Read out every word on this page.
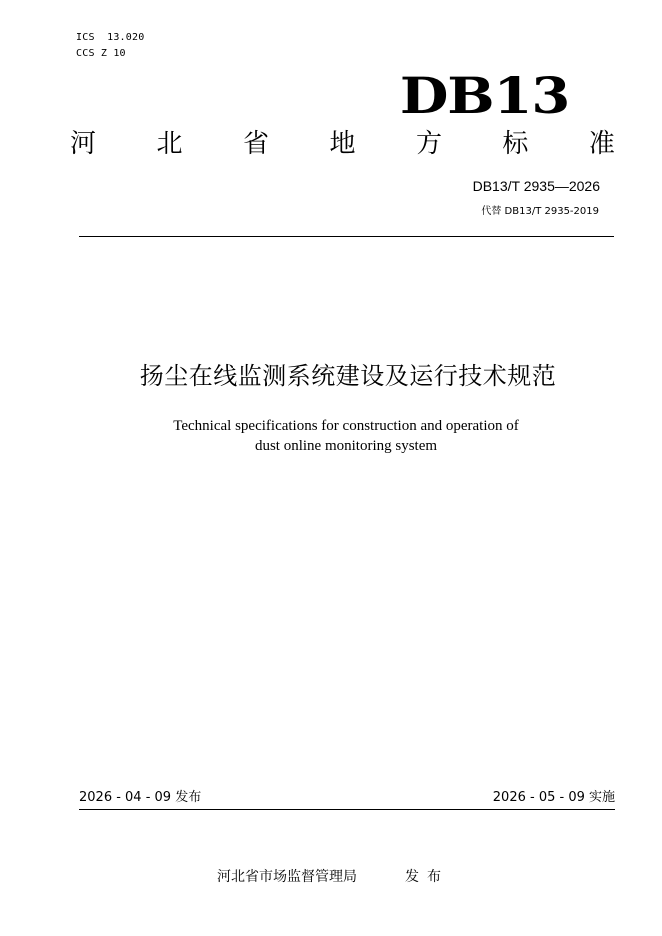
ICS  13.020
CCS Z 10
DB13
河 北 省 地 方 标 准
DB13/T 2935—2026
代替 DB13/T 2935-2019
扬尘在线监测系统建设及运行技术规范
Technical specifications for construction and operation of
dust online monitoring system
2026 - 04 - 09 发布	2026 - 05 - 09 实施
河北省市场监督管理局	发布
